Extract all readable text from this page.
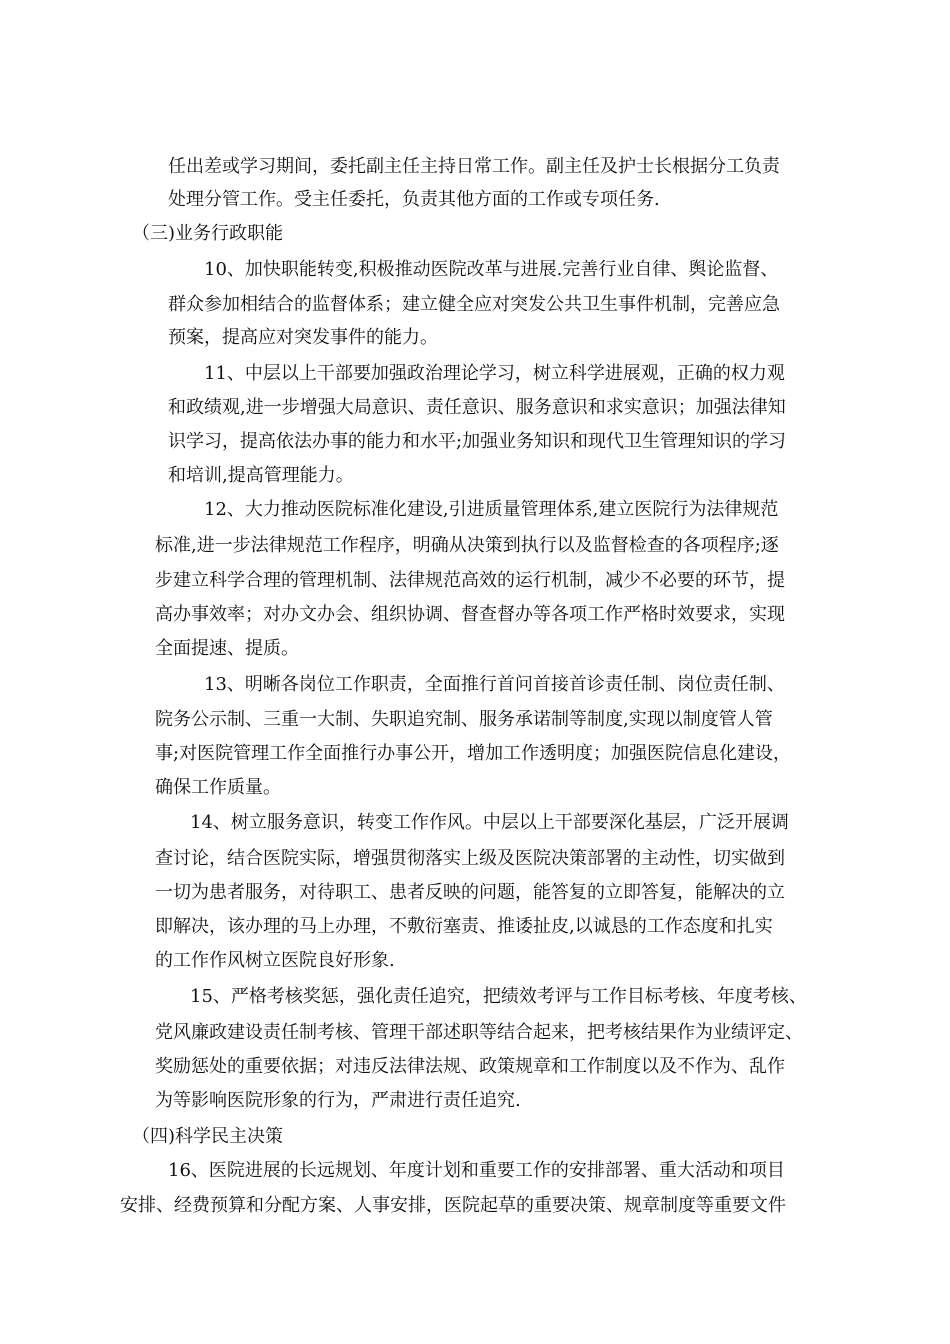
任出差或学习期间，委托副主任主持日常工作。副主任及护士长根据分工负责
处理分管工作。受主任委托，负责其他方面的工作或专项任务.
（三)业务行政职能
10、加快职能转变,积极推动医院改革与进展.完善行业自律、舆论监督、
群众参加相结合的监督体系；建立健全应对突发公共卫生事件机制，完善应急
预案，提高应对突发事件的能力。
11、中层以上干部要加强政治理论学习，树立科学进展观，正确的权力观
和政绩观,进一步增强大局意识、责任意识、服务意识和求实意识；加强法律知
识学习，提高依法办事的能力和水平;加强业务知识和现代卫生管理知识的学习
和培训,提高管理能力。
12、大力推动医院标准化建设,引进质量管理体系,建立医院行为法律规范
标准,进一步法律规范工作程序，明确从决策到执行以及监督检查的各项程序;逐
步建立科学合理的管理机制、法律规范高效的运行机制，减少不必要的环节，提
高办事效率；对办文办会、组织协调、督查督办等各项工作严格时效要求，实现
全面提速、提质。
13、明晰各岗位工作职责，全面推行首问首接首诊责任制、岗位责任制、
院务公示制、三重一大制、失职追究制、服务承诺制等制度,实现以制度管人管
事;对医院管理工作全面推行办事公开，增加工作透明度；加强医院信息化建设，
确保工作质量。
14、树立服务意识，转变工作作风。中层以上干部要深化基层，广泛开展调
查讨论，结合医院实际，增强贯彻落实上级及医院决策部署的主动性，切实做到
一切为患者服务，对待职工、患者反映的问题，能答复的立即答复，能解决的立
即解决，该办理的马上办理，不敷衍塞责、推诿扯皮,以诚恳的工作态度和扎实
的工作作风树立医院良好形象.
15、严格考核奖惩，强化责任追究，把绩效考评与工作目标考核、年度考核、
党风廉政建设责任制考核、管理干部述职等结合起来，把考核结果作为业绩评定、
奖励惩处的重要依据；对违反法律法规、政策规章和工作制度以及不作为、乱作
为等影响医院形象的行为，严肃进行责任追究.
（四)科学民主决策
16、医院进展的长远规划、年度计划和重要工作的安排部署、重大活动和项目
安排、经费预算和分配方案、人事安排，医院起草的重要决策、规章制度等重要文件
